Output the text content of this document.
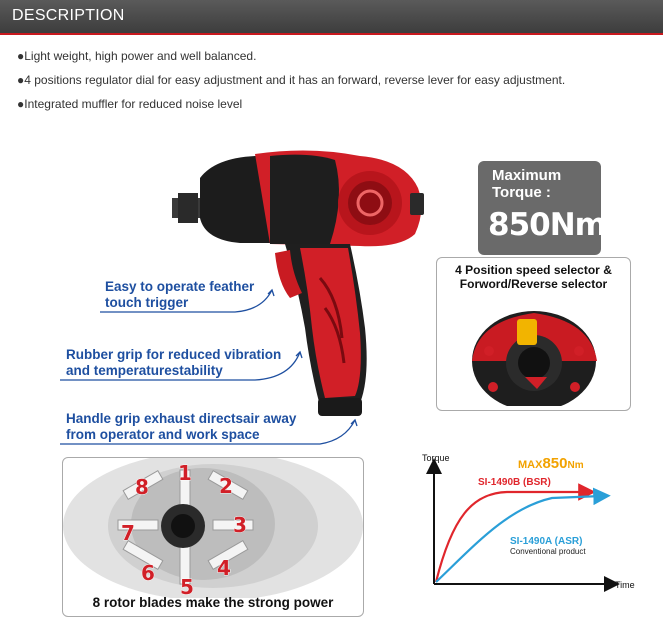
DESCRIPTION
●Light weight, high power and well balanced.
●4 positions regulator dial for easy adjustment and it has an forward, reverse lever for easy adjustment.
●Integrated muffler for reduced noise level
Easy to operate feather
touch trigger
Rubber grip for reduced vibration
and temperaturestability
Handle grip exhaust directsair away
from operator and work space
Maximum
Torque :
850Nm
4 Position speed selector &
Forword/Reverse selector
1
2
3
4
5
6
7
8
8 rotor blades make the strong power
Torque
Time
MAX850Nm
SI-1490B (BSR)
SI-1490A (ASR)
Conventional product
